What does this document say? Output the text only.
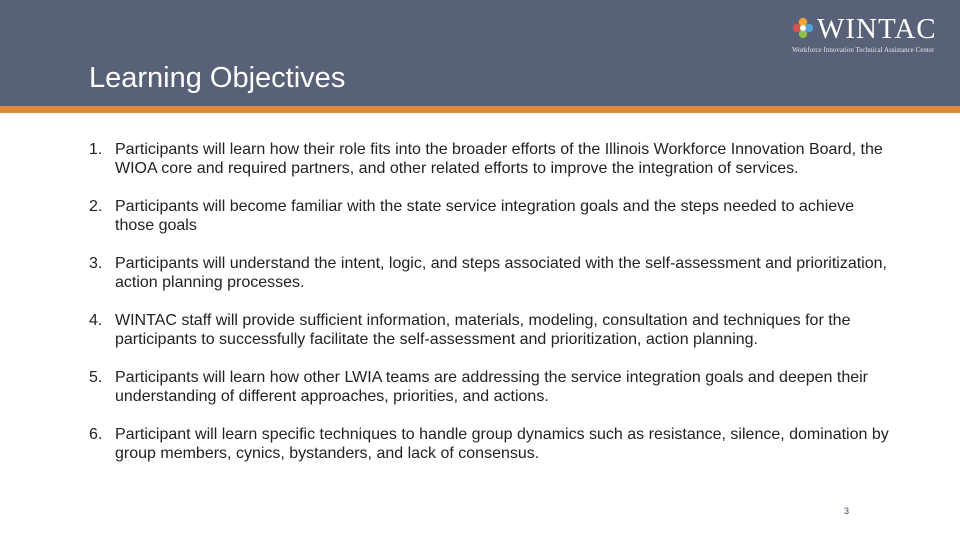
WINTAC
Workforce Innovation Technical Assistance Center
Learning Objectives
1. Participants will learn how their role fits into the broader efforts of the Illinois Workforce Innovation Board, the WIOA core and required partners, and other related efforts to improve the integration of services.
2. Participants will become familiar with the state service integration goals and the steps needed to achieve those goals
3. Participants will understand the intent, logic, and steps associated with the self-assessment and prioritization, action planning processes.
4. WINTAC staff will provide sufficient information, materials, modeling, consultation and techniques for the participants to successfully facilitate the self-assessment and prioritization, action planning.
5. Participants will learn how other LWIA teams are addressing the service integration goals and deepen their understanding of different approaches, priorities, and actions.
6. Participant will learn specific techniques to handle group dynamics such as resistance, silence, domination by group members, cynics, bystanders, and lack of consensus.
3
